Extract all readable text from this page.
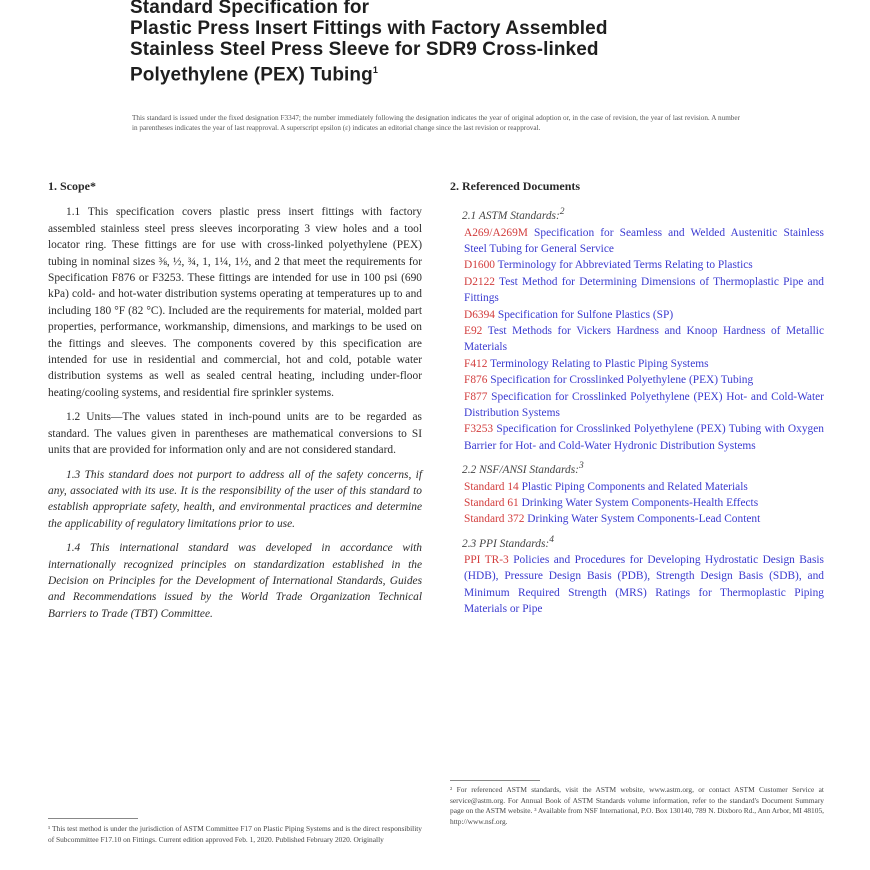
Standard Specification for
Plastic Press Insert Fittings with Factory Assembled
Stainless Steel Press Sleeve for SDR9 Cross-linked
Polyethylene (PEX) Tubing$^1$
This standard is issued under the fixed designation F3347; the number immediately following the designation indicates the year of original adoption or, in the case of revision, the year of last revision. A number in parentheses indicates the year of last reapproval. A superscript epsilon (ε) indicates an editorial change since the last revision or reapproval.
1. Scope*
1.1 This specification covers plastic press insert fittings with factory assembled stainless steel press sleeves incorporating 3 view holes and a tool locator ring. These fittings are for use with cross-linked polyethylene (PEX) tubing in nominal sizes ⅜, ½, ¾, 1, 1¼, 1½, and 2 that meet the requirements for Specification F876 or F3253. These fittings are intended for use in 100 psi (690 kPa) cold- and hot-water distribution systems operating at temperatures up to and including 180 °F (82 °C). Included are the requirements for material, molded part properties, performance, workmanship, dimensions, and markings to be used on the fittings and sleeves. The components covered by this specification are intended for use in residential and commercial, hot and cold, potable water distribution systems as well as sealed central heating, including under-floor heating/cooling systems, and residential fire sprinkler systems.
1.2 Units—The values stated in inch-pound units are to be regarded as standard. The values given in parentheses are mathematical conversions to SI units that are provided for information only and are not considered standard.
1.3 This standard does not purport to address all of the safety concerns, if any, associated with its use. It is the responsibility of the user of this standard to establish appropriate safety, health, and environmental practices and determine the applicability of regulatory limitations prior to use.
1.4 This international standard was developed in accordance with internationally recognized principles on standardization established in the Decision on Principles for the Development of International Standards, Guides and Recommendations issued by the World Trade Organization Technical Barriers to Trade (TBT) Committee.
2. Referenced Documents
2.1 ASTM Standards:$^2$
A269/A269M Specification for Seamless and Welded Austenitic Stainless Steel Tubing for General Service
D1600 Terminology for Abbreviated Terms Relating to Plastics
D2122 Test Method for Determining Dimensions of Thermoplastic Pipe and Fittings
D6394 Specification for Sulfone Plastics (SP)
E92 Test Methods for Vickers Hardness and Knoop Hardness of Metallic Materials
F412 Terminology Relating to Plastic Piping Systems
F876 Specification for Crosslinked Polyethylene (PEX) Tubing
F877 Specification for Crosslinked Polyethylene (PEX) Hot- and Cold-Water Distribution Systems
F3253 Specification for Crosslinked Polyethylene (PEX) Tubing with Oxygen Barrier for Hot- and Cold-Water Hydronic Distribution Systems
2.2 NSF/ANSI Standards:$^3$
Standard 14 Plastic Piping Components and Related Materials
Standard 61 Drinking Water System Components-Health Effects
Standard 372 Drinking Water System Components-Lead Content
2.3 PPI Standards:$^4$
PPI TR-3 Policies and Procedures for Developing Hydrostatic Design Basis (HDB), Pressure Design Basis (PDB), Strength Design Basis (SDB), and Minimum Required Strength (MRS) Ratings for Thermoplastic Piping Materials or Pipe
¹ This test method is under the jurisdiction of ASTM Committee F17 on Plastic Piping Systems and is the direct responsibility of Subcommittee F17.10 on Fittings. Current edition approved Feb. 1, 2020. Published February 2020. Originally
² For referenced ASTM standards, visit the ASTM website, www.astm.org, or contact ASTM Customer Service at service@astm.org. For Annual Book of ASTM Standards volume information, refer to the standard's Document Summary page on the ASTM website. ³ Available from NSF International, P.O. Box 130140, 789 N. Dixboro Rd., Ann Arbor, MI 48105, http://www.nsf.org.
